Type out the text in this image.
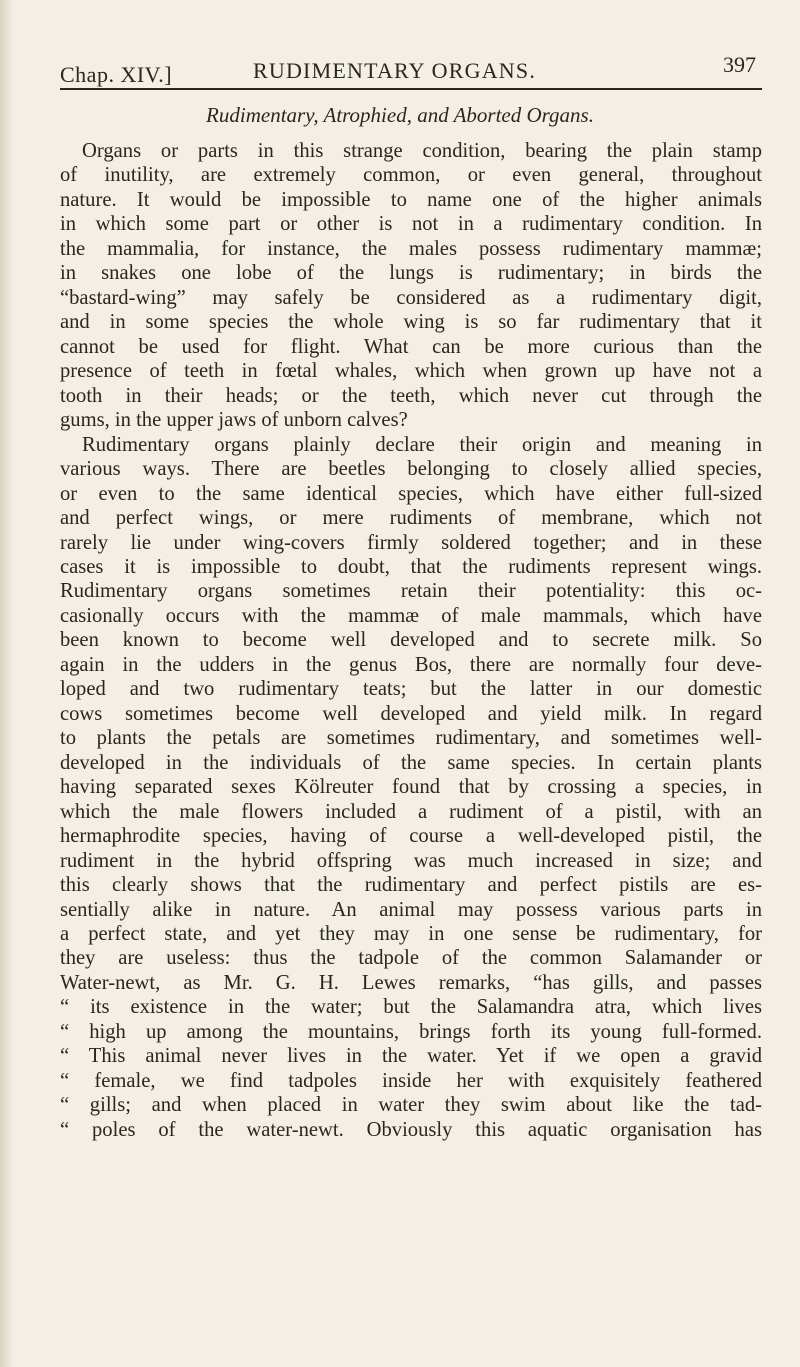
Chap. XIV.]	RUDIMENTARY ORGANS.	397
Rudimentary, Atrophied, and Aborted Organs.
Organs or parts in this strange condition, bearing the plain stamp
of inutility, are extremely common, or even general, throughout
nature. It would be impossible to name one of the higher animals
in which some part or other is not in a rudimentary condition. In
the mammalia, for instance, the males possess rudimentary mammæ;
in snakes one lobe of the lungs is rudimentary; in birds the
“bastard-wing” may safely be considered as a rudimentary digit,
and in some species the whole wing is so far rudimentary that it
cannot be used for flight. What can be more curious than the
presence of teeth in fœtal whales, which when grown up have not a
tooth in their heads; or the teeth, which never cut through the
gums, in the upper jaws of unborn calves?
Rudimentary organs plainly declare their origin and meaning in
various ways. There are beetles belonging to closely allied species,
or even to the same identical species, which have either full-sized
and perfect wings, or mere rudiments of membrane, which not
rarely lie under wing-covers firmly soldered together; and in these
cases it is impossible to doubt, that the rudiments represent wings.
Rudimentary organs sometimes retain their potentiality: this oc-
casionally occurs with the mammæ of male mammals, which have
been known to become well developed and to secrete milk. So
again in the udders in the genus Bos, there are normally four deve-
loped and two rudimentary teats; but the latter in our domestic
cows sometimes become well developed and yield milk. In regard
to plants the petals are sometimes rudimentary, and sometimes well-
developed in the individuals of the same species. In certain plants
having separated sexes Kölreuter found that by crossing a species, in
which the male flowers included a rudiment of a pistil, with an
hermaphrodite species, having of course a well-developed pistil, the
rudiment in the hybrid offspring was much increased in size; and
this clearly shows that the rudimentary and perfect pistils are es-
sentially alike in nature. An animal may possess various parts in
a perfect state, and yet they may in one sense be rudimentary, for
they are useless: thus the tadpole of the common Salamander or
Water-newt, as Mr. G. H. Lewes remarks, “has gills, and passes
“ its existence in the water; but the Salamandra atra, which lives
“ high up among the mountains, brings forth its young full-formed.
“ This animal never lives in the water. Yet if we open a gravid
“ female, we find tadpoles inside her with exquisitely feathered
“ gills; and when placed in water they swim about like the tad-
“ poles of the water-newt. Obviously this aquatic organisation has
